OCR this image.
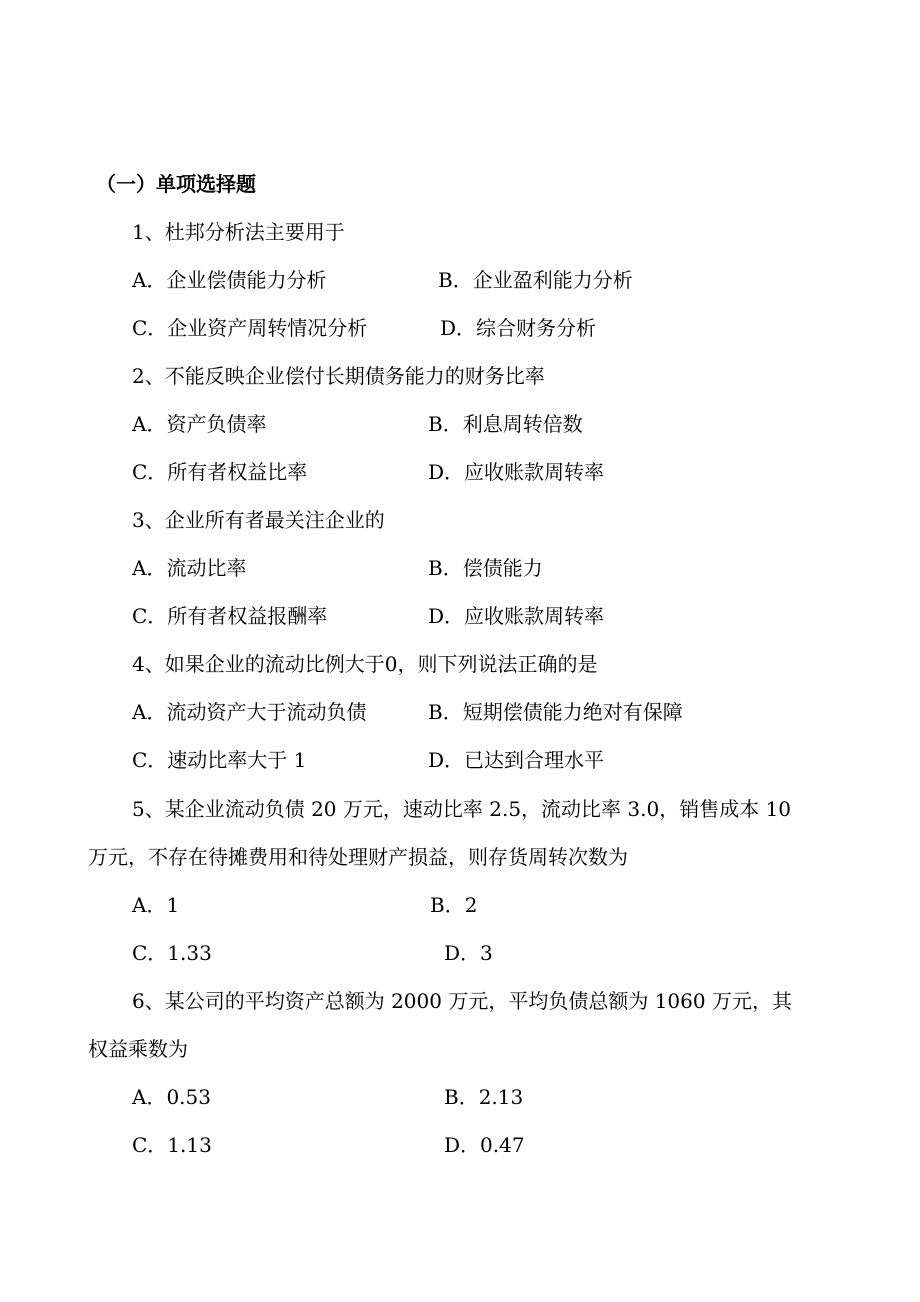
（一）单项选择题
1、杜邦分析法主要用于
A．企业偿债能力分析	B．企业盈利能力分析
C．企业资产周转情况分析	D．综合财务分析
2、不能反映企业偿付长期债务能力的财务比率
A．资产负债率	B．利息周转倍数
C．所有者权益比率	D．应收账款周转率
3、企业所有者最关注企业的
A．流动比率	B．偿债能力
C．所有者权益报酬率	D．应收账款周转率
4、如果企业的流动比例大于0，则下列说法正确的是
A．流动资产大于流动负债	B．短期偿债能力绝对有保障
C．速动比率大于 1	D．已达到合理水平
5、某企业流动负债 20 万元，速动比率 2.5，流动比率 3.0，销售成本 10
万元，不存在待摊费用和待处理财产损益，则存货周转次数为
A．1	B．2
C．1.33	D．3
6、某公司的平均资产总额为 2000 万元，平均负债总额为 1060 万元，其
权益乘数为
A．0.53	B．2.13
C．1.13	D．0.47
